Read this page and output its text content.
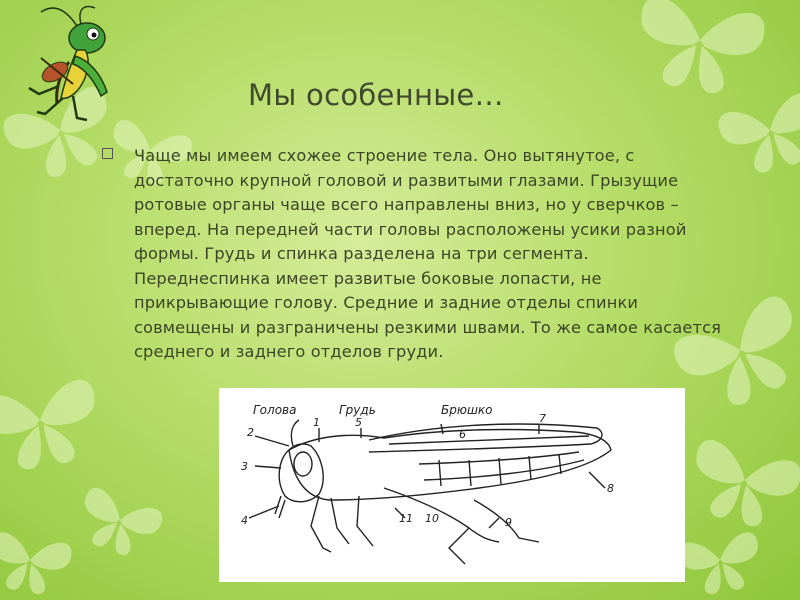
Мы особенные…

Чаще мы имеем схожее строение тела. Оно вытянутое, с достаточно крупной головой и развитыми глазами. Грызущие ротовые органы чаще всего направлены вниз, но у сверчков – вперед. На передней части головы расположены усики разной формы. Грудь и спинка разделена на три сегмента. Переднеспинка имеет развитые боковые лопасти, не прикрывающие голову. Средние и задние отделы спинки совмещены и разграничены резкими швами. То же самое касается среднего и заднего отделов груди.

Голова	Грудь	Брюшко
1
2
3
4
5
6
7
8
9
10
11
